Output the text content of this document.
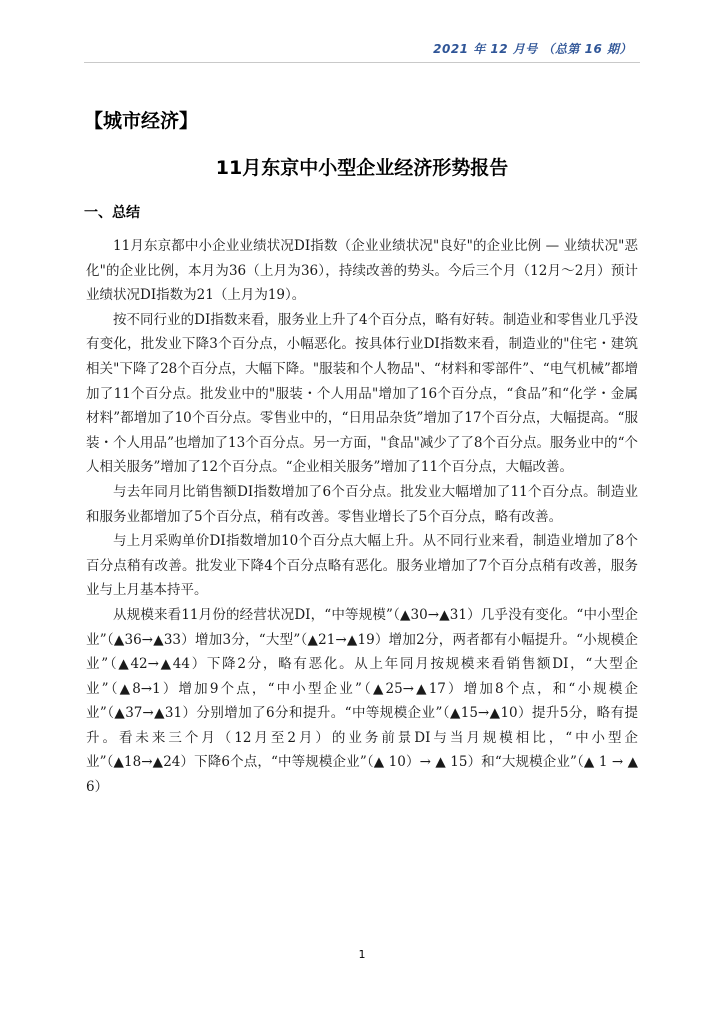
2021 年 12 月号 （总第 16 期）
【城市经济】
11月东京中小型企业经济形势报告
一、总结

11月东京都中小企业业绩状况DI指数（企业业绩状况"良好"的企业比例 — 业绩状况"恶化"的企业比例，本月为36（上月为36），持续改善的势头。今后三个月（12月～2月）预计业绩状况DI指数为21（上月为19）。

按不同行业的DI指数来看，服务业上升了4个百分点，略有好转。制造业和零售业几乎没有变化，批发业下降3个百分点，小幅恶化。按具体行业DI指数来看，制造业的"住宅・建筑相关"下降了28个百分点，大幅下降。"服装和个人物品"、“材料和零部件”、“电气机械”都增加了11个百分点。批发业中的"服装・个人用品"增加了16个百分点，“食品”和“化学・金属材料”都增加了10个百分点。零售业中的，“日用品杂货”增加了17个百分点，大幅提高。“服装・个人用品”也增加了13个百分点。另一方面，"食品"减少了了8个百分点。服务业中的“个人相关服务”增加了12个百分点。“企业相关服务”增加了11个百分点，大幅改善。

与去年同月比销售额DI指数增加了6个百分点。批发业大幅增加了11个百分点。制造业和服务业都增加了5个百分点，稍有改善。零售业增长了5个百分点，略有改善。

与上月采购单价DI指数增加10个百分点大幅上升。从不同行业来看，制造业增加了8个百分点稍有改善。批发业下降4个百分点略有恶化。服务业增加了7个百分点稍有改善，服务业与上月基本持平。

从规模来看11月份的经营状况DI，“中等规模”（▲30→▲31）几乎没有变化。“中小型企业”（▲36→▲33）增加3分，“大型”（▲21→▲19）增加2分，两者都有小幅提升。“小规模企业”（▲42→▲44）下降2分，略有恶化。从上年同月按规模来看销售额DI，“大型企业”（▲8→1）增加9个点，“中小型企业”（▲25→▲17）增加8个点，和“小规模企业”（▲37→▲31）分别增加了6分和提升。“中等规模企业”（▲15→▲10）提升5分，略有提升。看未来三个月（12月至2月）的业务前景DI与当月规模相比，“中小型企业”（▲18→▲24）下降6个点，“中等规模企业”（▲ 10）→ ▲ 15）和“大规模企业”（▲ 1 → ▲ 6）

1
